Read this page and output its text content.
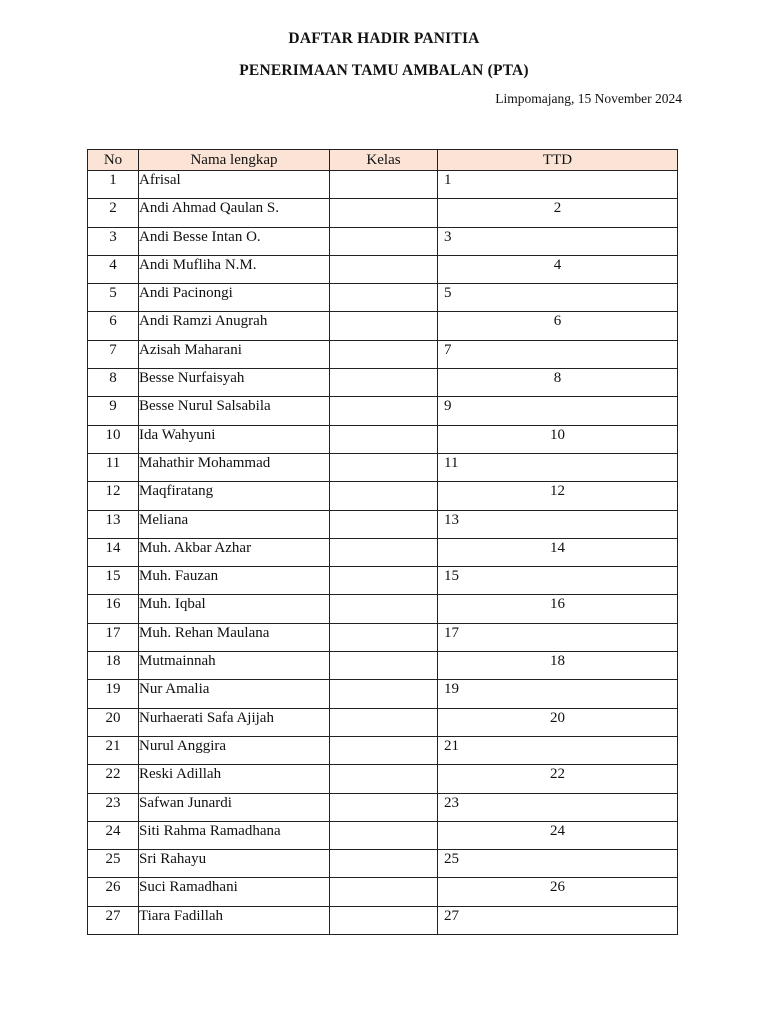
DAFTAR HADIR PANITIA
PENERIMAAN TAMU AMBALAN (PTA)
Limpomajang, 15 November 2024
No	Nama lengkap	Kelas	TTD
1	Afrisal		1
2	Andi Ahmad Qaulan S.		2
3	Andi Besse Intan O.		3
4	Andi Mufliha N.M.		4
5	Andi Pacinongi		5
6	Andi Ramzi Anugrah		6
7	Azisah Maharani		7
8	Besse Nurfaisyah		8
9	Besse Nurul Salsabila		9
10	Ida Wahyuni		10
11	Mahathir Mohammad		11
12	Maqfiratang		12
13	Meliana		13
14	Muh. Akbar Azhar		14
15	Muh. Fauzan		15
16	Muh. Iqbal		16
17	Muh. Rehan Maulana		17
18	Mutmainnah		18
19	Nur Amalia		19
20	Nurhaerati Safa Ajijah		20
21	Nurul Anggira		21
22	Reski Adillah		22
23	Safwan Junardi		23
24	Siti Rahma Ramadhana		24
25	Sri Rahayu		25
26	Suci Ramadhani		26
27	Tiara Fadillah		27
